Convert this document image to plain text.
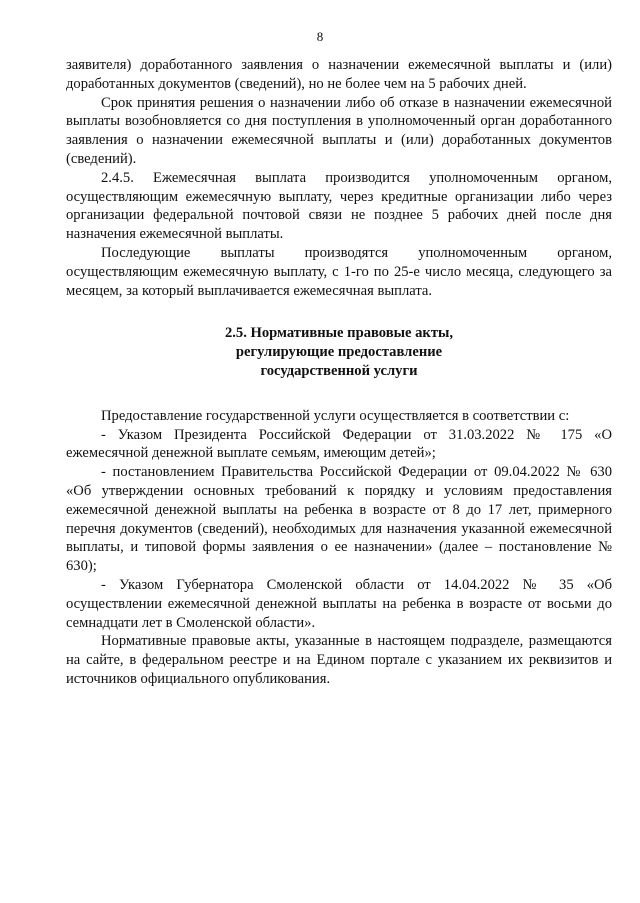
8

заявителя) доработанного заявления о назначении ежемесячной выплаты и (или) доработанных документов (сведений), но не более чем на 5 рабочих дней.

Срок принятия решения о назначении либо об отказе в назначении ежемесячной выплаты возобновляется со дня поступления в уполномоченный орган доработанного заявления о назначении ежемесячной выплаты и (или) доработанных документов (сведений).

2.4.5. Ежемесячная выплата производится уполномоченным органом, осуществляющим ежемесячную выплату, через кредитные организации либо через организации федеральной почтовой связи не позднее 5 рабочих дней после дня назначения ежемесячной выплаты.

Последующие выплаты производятся уполномоченным органом, осуществляющим ежемесячную выплату, с 1-го по 25-е число месяца, следующего за месяцем, за который выплачивается ежемесячная выплата.

2.5. Нормативные правовые акты,
регулирующие предоставление
государственной услуги

Предоставление государственной услуги осуществляется в соответствии с:

- Указом Президента Российской Федерации от 31.03.2022 № 175 «О ежемесячной денежной выплате семьям, имеющим детей»;

- постановлением Правительства Российской Федерации от 09.04.2022 № 630 «Об утверждении основных требований к порядку и условиям предоставления ежемесячной денежной выплаты на ребенка в возрасте от 8 до 17 лет, примерного перечня документов (сведений), необходимых для назначения указанной ежемесячной выплаты, и типовой формы заявления о ее назначении» (далее – постановление № 630);

- Указом Губернатора Смоленской области от 14.04.2022 № 35 «Об осуществлении ежемесячной денежной выплаты на ребенка в возрасте от восьми до семнадцати лет в Смоленской области».

Нормативные правовые акты, указанные в настоящем подразделе, размещаются на сайте, в федеральном реестре и на Едином портале с указанием их реквизитов и источников официального опубликования.
